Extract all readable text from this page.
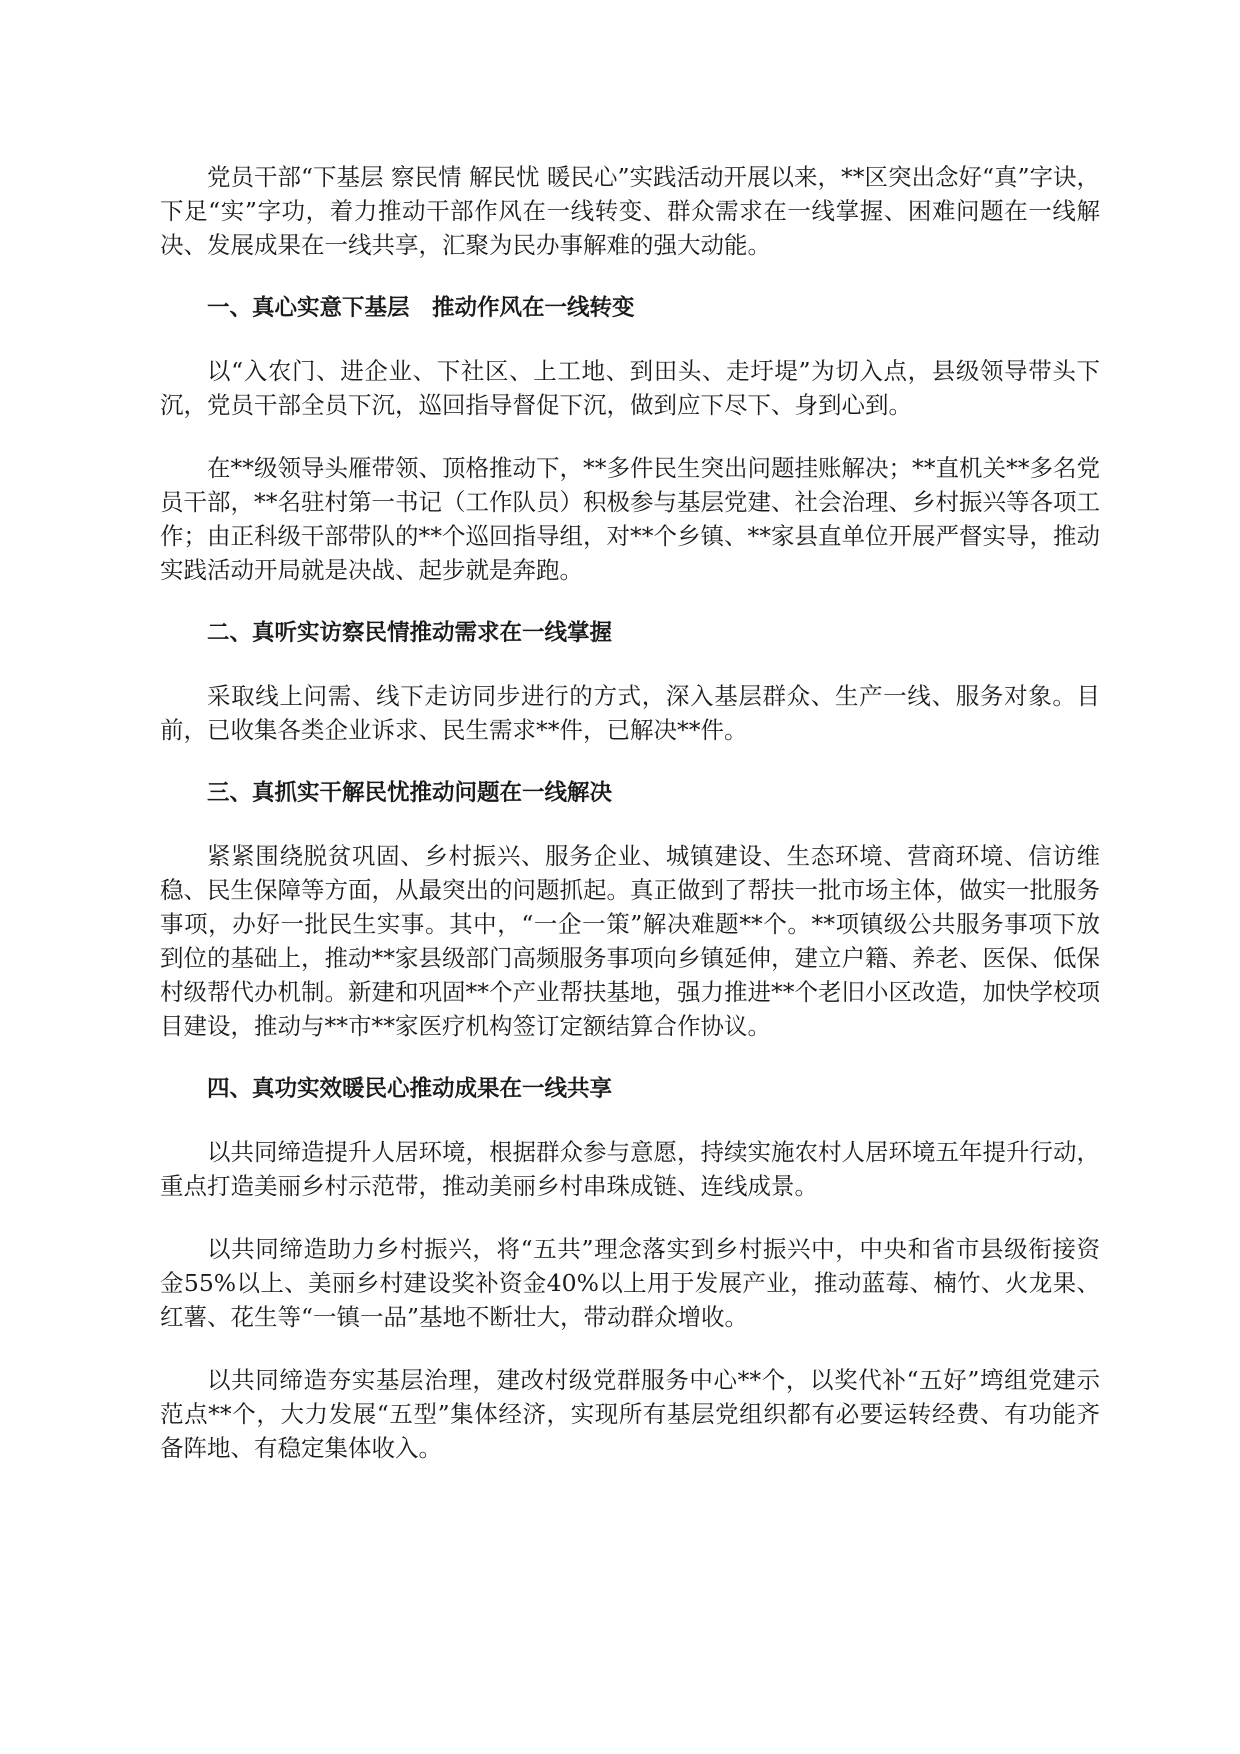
党员干部“下基层 察民情 解民忧 暖民心”实践活动开展以来，**区突出念好“真”字诀，下足“实”字功，着力推动干部作风在一线转变、群众需求在一线掌握、困难问题在一线解决、发展成果在一线共享，汇聚为民办事解难的强大动能。

一、真心实意下基层　推动作风在一线转变

以“入农门、进企业、下社区、上工地、到田头、走圩堤”为切入点，县级领导带头下沉，党员干部全员下沉，巡回指导督促下沉，做到应下尽下、身到心到。

在**级领导头雁带领、顶格推动下，**多件民生突出问题挂账解决；**直机关**多名党员干部，**名驻村第一书记（工作队员）积极参与基层党建、社会治理、乡村振兴等各项工作；由正科级干部带队的**个巡回指导组，对**个乡镇、**家县直单位开展严督实导，推动实践活动开局就是决战、起步就是奔跑。

二、真听实访察民情推动需求在一线掌握

采取线上问需、线下走访同步进行的方式，深入基层群众、生产一线、服务对象。目前，已收集各类企业诉求、民生需求**件，已解决**件。

三、真抓实干解民忧推动问题在一线解决

紧紧围绕脱贫巩固、乡村振兴、服务企业、城镇建设、生态环境、营商环境、信访维稳、民生保障等方面，从最突出的问题抓起。真正做到了帮扶一批市场主体，做实一批服务事项，办好一批民生实事。其中，“一企一策”解决难题**个。**项镇级公共服务事项下放到位的基础上，推动**家县级部门高频服务事项向乡镇延伸，建立户籍、养老、医保、低保村级帮代办机制。新建和巩固**个产业帮扶基地，强力推进**个老旧小区改造，加快学校项目建设，推动与**市**家医疗机构签订定额结算合作协议。

四、真功实效暖民心推动成果在一线共享

以共同缔造提升人居环境，根据群众参与意愿，持续实施农村人居环境五年提升行动，重点打造美丽乡村示范带，推动美丽乡村串珠成链、连线成景。

以共同缔造助力乡村振兴，将“五共”理念落实到乡村振兴中，中央和省市县级衔接资金55%以上、美丽乡村建设奖补资金40%以上用于发展产业，推动蓝莓、楠竹、火龙果、红薯、花生等“一镇一品”基地不断壮大，带动群众增收。

以共同缔造夯实基层治理，建改村级党群服务中心**个，以奖代补“五好”塆组党建示范点**个，大力发展“五型”集体经济，实现所有基层党组织都有必要运转经费、有功能齐备阵地、有稳定集体收入。
